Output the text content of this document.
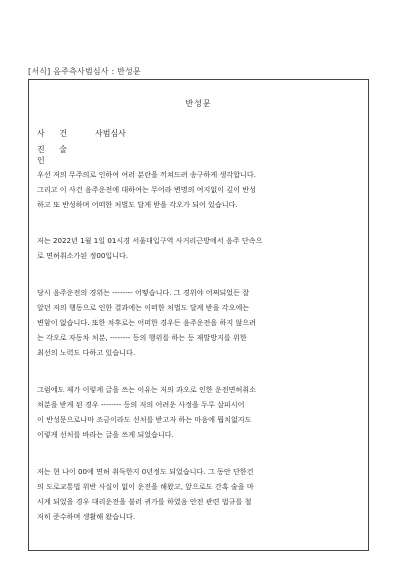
[서식] 음주측사범심사 : 반성문
반성문
사 건	사범심사
진 술 인
우선 저의 무주의로 인하여 여러 분란을 끼쳐드려 송구하게 생각합니다.
그리고 이 사건 음주운전에 대하여는 무어라 변명의 여지없이 깊이 반성
하고 또 반성하며 어떠한 처벌도 달게 받을 각오가 되어 있습니다.
저는 2022년 1월 1일 01시경 서울대입구역 사거리근방에서 음주 단속으
로 면허취소가된 정00입니다.
당시 음주운전의 경위는 -------- 어떻습니다. 그 경위야 어쩌되었든 잘
알던 저의 행동으로 인한 결과에는 이떠한 처벌도 달게 받을 각오에는
변함이 없습니다. 또한 차후로는 어떠한 경우든 음주운전을 하지 않으려
는 각오로 자동차 처분, -------- 등의 행위를 하는 등 재발방지를 위한
최선의 노력도 다하고 있습니다.
그럼에도 제가 이렇게 글을 쓰는 이유는 저의 과오로 인한 운전면허취소
처분을 받게 된 경우 -------- 등의 저의 어려운 사정을 두루 살피시어
이 반성문으로나마 조금이라도 선처를 받고자 하는 마음에 뭡치없지도
이렇게 선처를 바라는 글을 쓰게 되었습니다.
저는 현 나이 00에 면허 취득한지 0년정도 되었습니다. 그 동안 단한건
의 도로교통법 위반 사실이 없이 운전을 해왔고, 앞으로도 간혹 술을 마
시게 되었을 경우 대리운전을 불러 귀가를 하였음 안전 관련 법규를 철
저히 준수하며 생활해 왔습니다.
